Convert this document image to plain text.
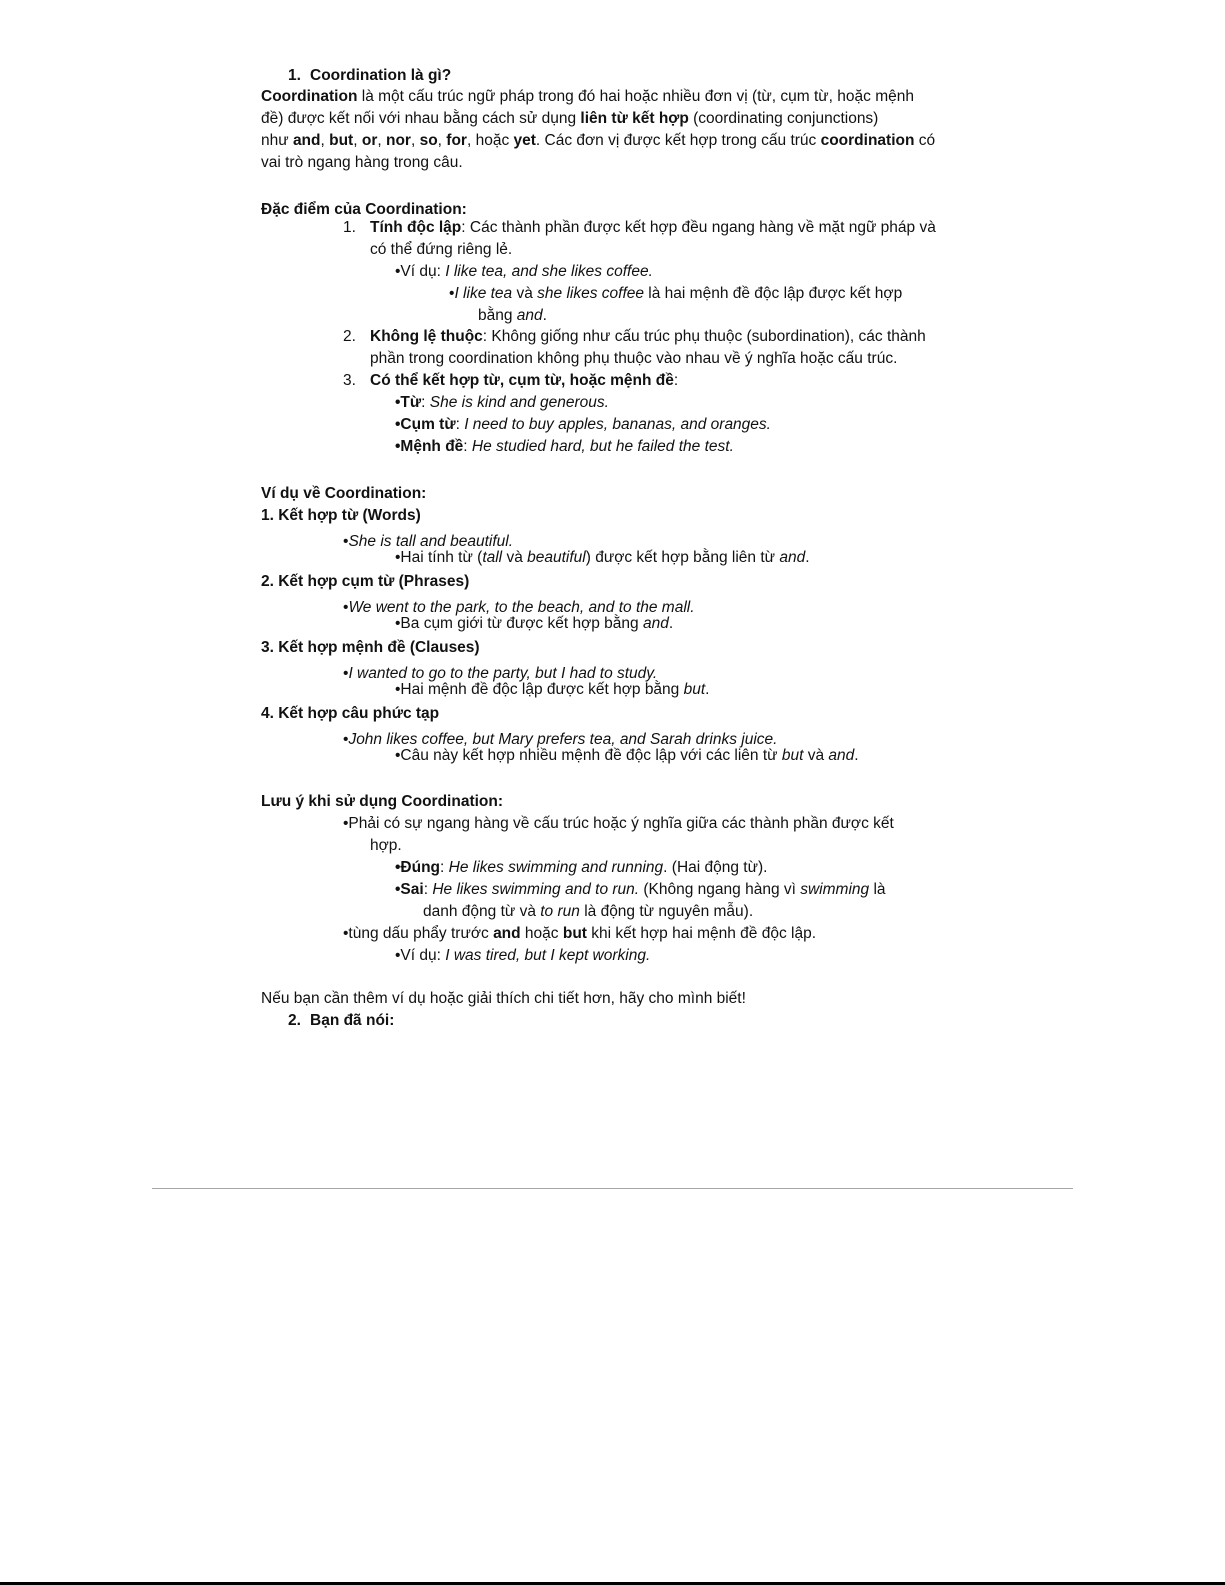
1. Coordination là gì?
Coordination là một cấu trúc ngữ pháp trong đó hai hoặc nhiều đơn vị (từ, cụm từ, hoặc mệnh
đề) được kết nối với nhau bằng cách sử dụng liên từ kết hợp (coordinating conjunctions)
như and, but, or, nor, so, for, hoặc yet. Các đơn vị được kết hợp trong cấu trúc coordination có
vai trò ngang hàng trong câu.
Đặc điểm của Coordination:
1. Tính độc lập: Các thành phần được kết hợp đều ngang hàng về mặt ngữ pháp và
có thể đứng riêng lẻ.
•Ví dụ: I like tea, and she likes coffee.
•I like tea và she likes coffee là hai mệnh đề độc lập được kết hợp
bằng and.
2. Không lệ thuộc: Không giống như cấu trúc phụ thuộc (subordination), các thành
phần trong coordination không phụ thuộc vào nhau về ý nghĩa hoặc cấu trúc.
3. Có thể kết hợp từ, cụm từ, hoặc mệnh đề:
•Từ: She is kind and generous.
•Cụm từ: I need to buy apples, bananas, and oranges.
•Mệnh đề: He studied hard, but he failed the test.
Ví dụ về Coordination:
1. Kết hợp từ (Words)
•She is tall and beautiful.
•Hai tính từ (tall và beautiful) được kết hợp bằng liên từ and.
2. Kết hợp cụm từ (Phrases)
•We went to the park, to the beach, and to the mall.
•Ba cụm giới từ được kết hợp bằng and.
3. Kết hợp mệnh đề (Clauses)
•I wanted to go to the party, but I had to study.
•Hai mệnh đề độc lập được kết hợp bằng but.
4. Kết hợp câu phức tạp
•John likes coffee, but Mary prefers tea, and Sarah drinks juice.
•Câu này kết hợp nhiều mệnh đề độc lập với các liên từ but và and.
Lưu ý khi sử dụng Coordination:
•Phải có sự ngang hàng về cấu trúc hoặc ý nghĩa giữa các thành phần được kết
hợp.
•Đúng: He likes swimming and running. (Hai động từ).
•Sai: He likes swimming and to run. (Không ngang hàng vì swimming là
danh động từ và to run là động từ nguyên mẫu).
•tùng dấu phẩy trước and hoặc but khi kết hợp hai mệnh đề độc lập.
•Ví dụ: I was tired, but I kept working.
Nếu bạn cần thêm ví dụ hoặc giải thích chi tiết hơn, hãy cho mình biết!
2. Bạn đã nói:
